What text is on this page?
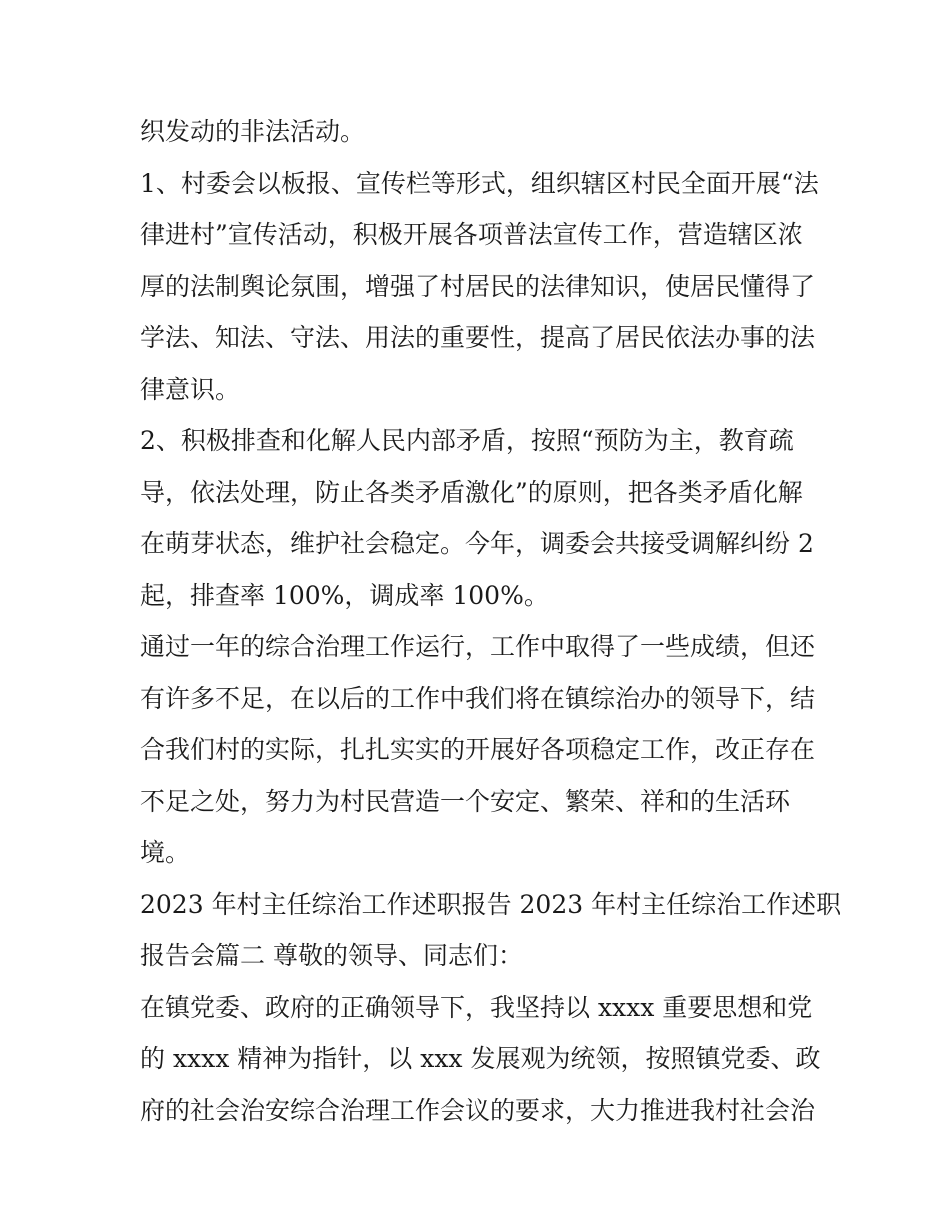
织发动的非法活动。
1、村委会以板报、宣传栏等形式，组织辖区村民全面开展“法
律进村”宣传活动，积极开展各项普法宣传工作，营造辖区浓
厚的法制舆论氛围，增强了村居民的法律知识，使居民懂得了
学法、知法、守法、用法的重要性，提高了居民依法办事的法
律意识。
2、积极排查和化解人民内部矛盾，按照“预防为主，教育疏
导，依法处理，防止各类矛盾激化”的原则，把各类矛盾化解
在萌芽状态，维护社会稳定。今年，调委会共接受调解纠纷 2
起，排查率 100%，调成率 100%。
通过一年的综合治理工作运行，工作中取得了一些成绩，但还
有许多不足，在以后的工作中我们将在镇综治办的领导下，结
合我们村的实际，扎扎实实的开展好各项稳定工作，改正存在
不足之处，努力为村民营造一个安定、繁荣、祥和的生活环
境。
2023 年村主任综治工作述职报告 2023 年村主任综治工作述职
报告会篇二 尊敬的领导、同志们：
在镇党委、政府的正确领导下，我坚持以 xxxx 重要思想和党
的 xxxx 精神为指针，以 xxx 发展观为统领，按照镇党委、政
府的社会治安综合治理工作会议的要求，大力推进我村社会治
